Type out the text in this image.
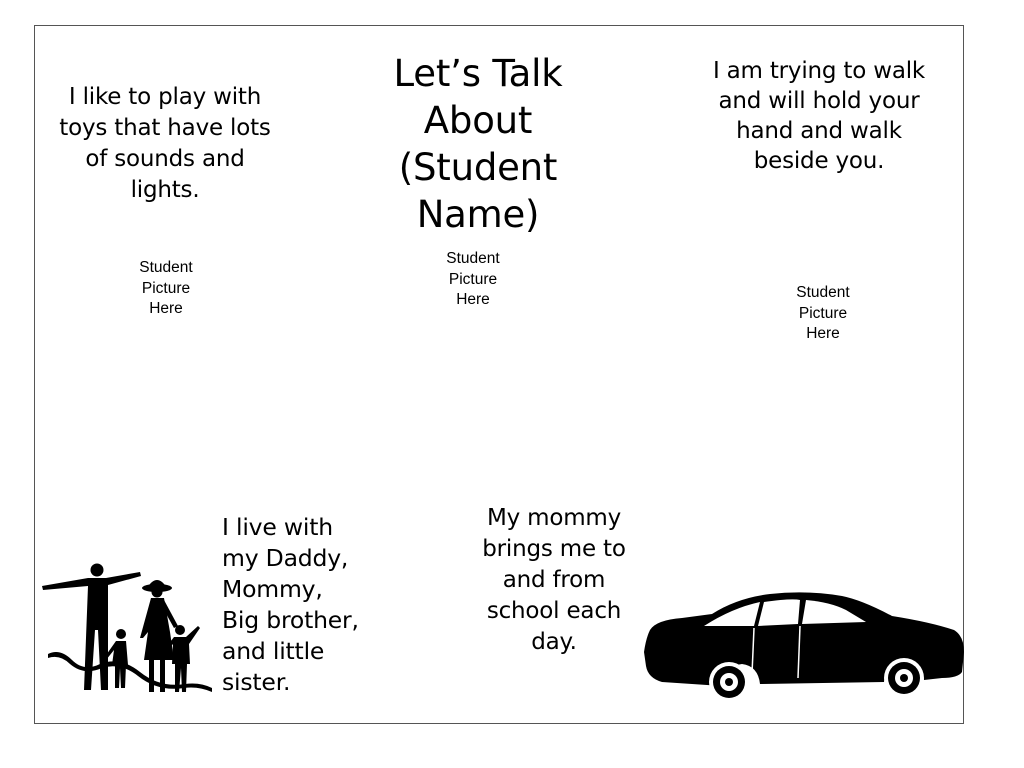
Let’s Talk
About
(Student
Name)
I like to play with
toys that have lots
of sounds and
lights.
I am trying to walk
and will hold your
hand and walk
beside you.
Student
Picture
Here
Student
Picture
Here	Student
Picture
Here
I live with
my Daddy,
Mommy,
Big brother,
and little
sister.
My mommy
brings me to
and from
school each
day.
